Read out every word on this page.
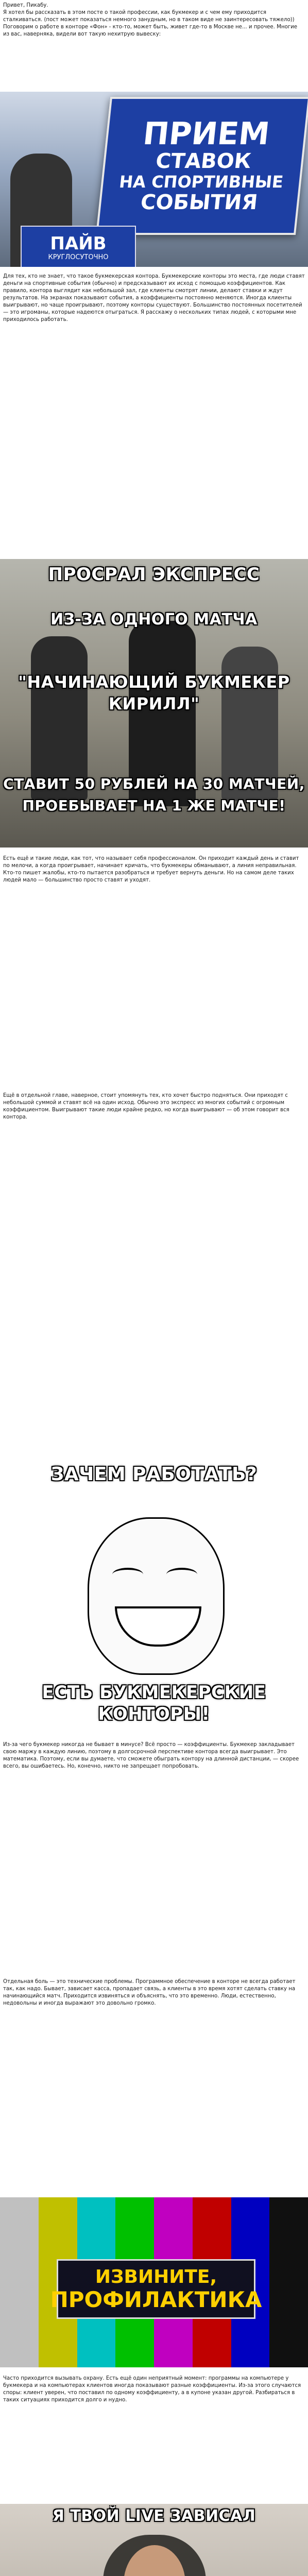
Привет, Пикабу.
Я хотел бы рассказать в этом посте о такой профессии, как букмекер и с чем ему приходится сталкиваться. (пост может показаться немного занудным, но в таком виде не заинтересовать тяжело))
Поговорим о работе в конторе «Фон» - кто-то, может быть, живет где-то в Москве не... и прочее. Многие из вас, наверняка, видели вот такую нехитрую вывеску:
ПРИЕМ
СТАВОК
НА СПОРТИВНЫЕ
СОБЫТИЯ
ПАЙВ
КРУГЛОСУТОЧНО
Для тех, кто не знает, что такое букмекерская контора. Букмекерские конторы это места, где люди ставят деньги на спортивные события (обычно) и предсказывают их исход с помощью коэффициентов. Как правило, контора выглядит как небольшой зал, где клиенты смотрят линии, делают ставки и ждут результатов. На экранах показывают события, а коэффициенты постоянно меняются. Иногда клиенты выигрывают, но чаще проигрывают, поэтому конторы существуют. Большинство постоянных посетителей — это игроманы, которые надеются отыграться. Я расскажу о нескольких типах людей, с которыми мне приходилось работать.
ПРОСРАЛ ЭКСПРЕСС
ИЗ-ЗА ОДНОГО МАТЧА
"НАЧИНАЮЩИЙ БУКМЕКЕР
КИРИЛЛ"
СТАВИТ 50 РУБЛЕЙ НА 30 МАТЧЕЙ,
ПРОЕБЫВАЕТ НА 1 ЖЕ МАТЧЕ!
Есть ещё и такие люди, как тот, что называет себя профессионалом. Он приходит каждый день и ставит по мелочи, а когда проигрывает, начинает кричать, что букмекеры обманывают, а линия неправильная. Кто-то пишет жалобы, кто-то пытается разобраться и требует вернуть деньги. Но на самом деле таких людей мало — большинство просто ставят и уходят.
Ещё в отдельной главе, наверное, стоит упомянуть тех, кто хочет быстро подняться. Они приходят с небольшой суммой и ставят всё на один исход. Обычно это экспресс из многих событий с огромным коэффициентом. Выигрывают такие люди крайне редко, но когда выигрывают — об этом говорит вся контора.
ЗАЧЕМ РАБОТАТЬ?
ЕСТЬ БУКМЕКЕРСКИЕ
КОНТОРЫ!
Из-за чего букмекер никогда не бывает в минусе? Всё просто — коэффициенты. Букмекер закладывает свою маржу в каждую линию, поэтому в долгосрочной перспективе контора всегда выигрывает. Это математика. Поэтому, если вы думаете, что сможете обыграть контору на длинной дистанции, — скорее всего, вы ошибаетесь. Но, конечно, никто не запрещает попробовать.
Отдельная боль — это технические проблемы. Программное обеспечение в конторе не всегда работает так, как надо. Бывает, зависает касса, пропадает связь, а клиенты в это время хотят сделать ставку на начинающийся матч. Приходится извиняться и объяснять, что это временно. Люди, естественно, недовольны и иногда выражают это довольно громко.
ИЗВИНИТЕ,
ПРОФИЛАКТИКА
Часто приходится вызывать охрану. Есть ещё один неприятный момент: программы на компьютере у букмекера и на компьютерах клиентов иногда показывают разные коэффициенты. Из-за этого случаются споры: клиент уверен, что поставил по одному коэффициенту, а в купоне указан другой. Разбираться в таких ситуациях приходится долго и нудно.
Я ТВОЙ LIVE ЗАВИСАЛ
